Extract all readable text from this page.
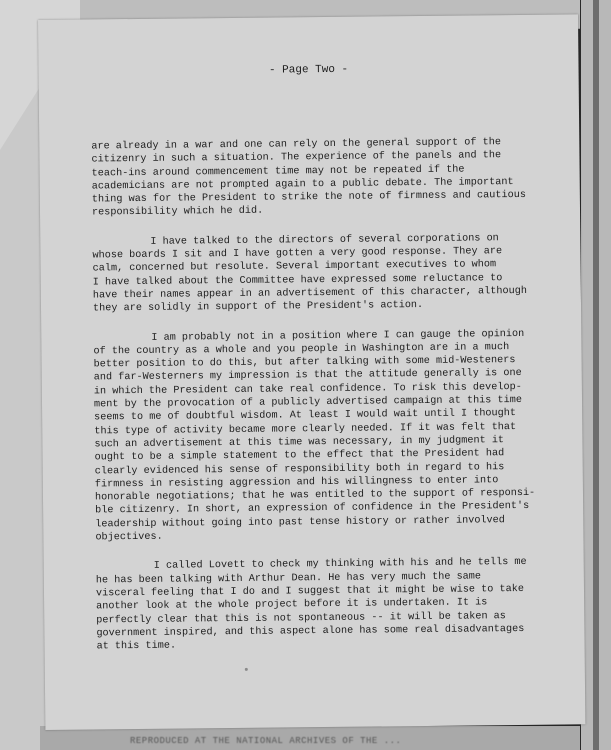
REPRODUCED AT THE NATIONAL ARCHIVES OF THE ...
- Page Two -

are already in a war and one can rely on the general support of the
citizenry in such a situation. The experience of the panels and the
teach-ins around commencement time may not be repeated if the
academicians are not prompted again to a public debate. The important
thing was for the President to strike the note of firmness and cautious
responsibility which he did.

I have talked to the directors of several corporations on
whose boards I sit and I have gotten a very good response. They are
calm, concerned but resolute. Several important executives to whom
I have talked about the Committee have expressed some reluctance to
have their names appear in an advertisement of this character, although
they are solidly in support of the President's action.

I am probably not in a position where I can gauge the opinion
of the country as a whole and you people in Washington are in a much
better position to do this, but after talking with some mid-Westeners
and far-Westerners my impression is that the attitude generally is one
in which the President can take real confidence. To risk this develop-
ment by the provocation of a publicly advertised campaign at this time
seems to me of doubtful wisdom. At least I would wait until I thought
this type of activity became more clearly needed. If it was felt that
such an advertisement at this time was necessary, in my judgment it
ought to be a simple statement to the effect that the President had
clearly evidenced his sense of responsibility both in regard to his
firmness in resisting aggression and his willingness to enter into
honorable negotiations; that he was entitled to the support of responsi-
ble citizenry. In short, an expression of confidence in the President's
leadership without going into past tense history or rather involved
objectives.

I called Lovett to check my thinking with his and he tells me
he has been talking with Arthur Dean. He has very much the same
visceral feeling that I do and I suggest that it might be wise to take
another look at the whole project before it is undertaken. It is
perfectly clear that this is not spontaneous -- it will be taken as
government inspired, and this aspect alone has some real disadvantages
at this time.
